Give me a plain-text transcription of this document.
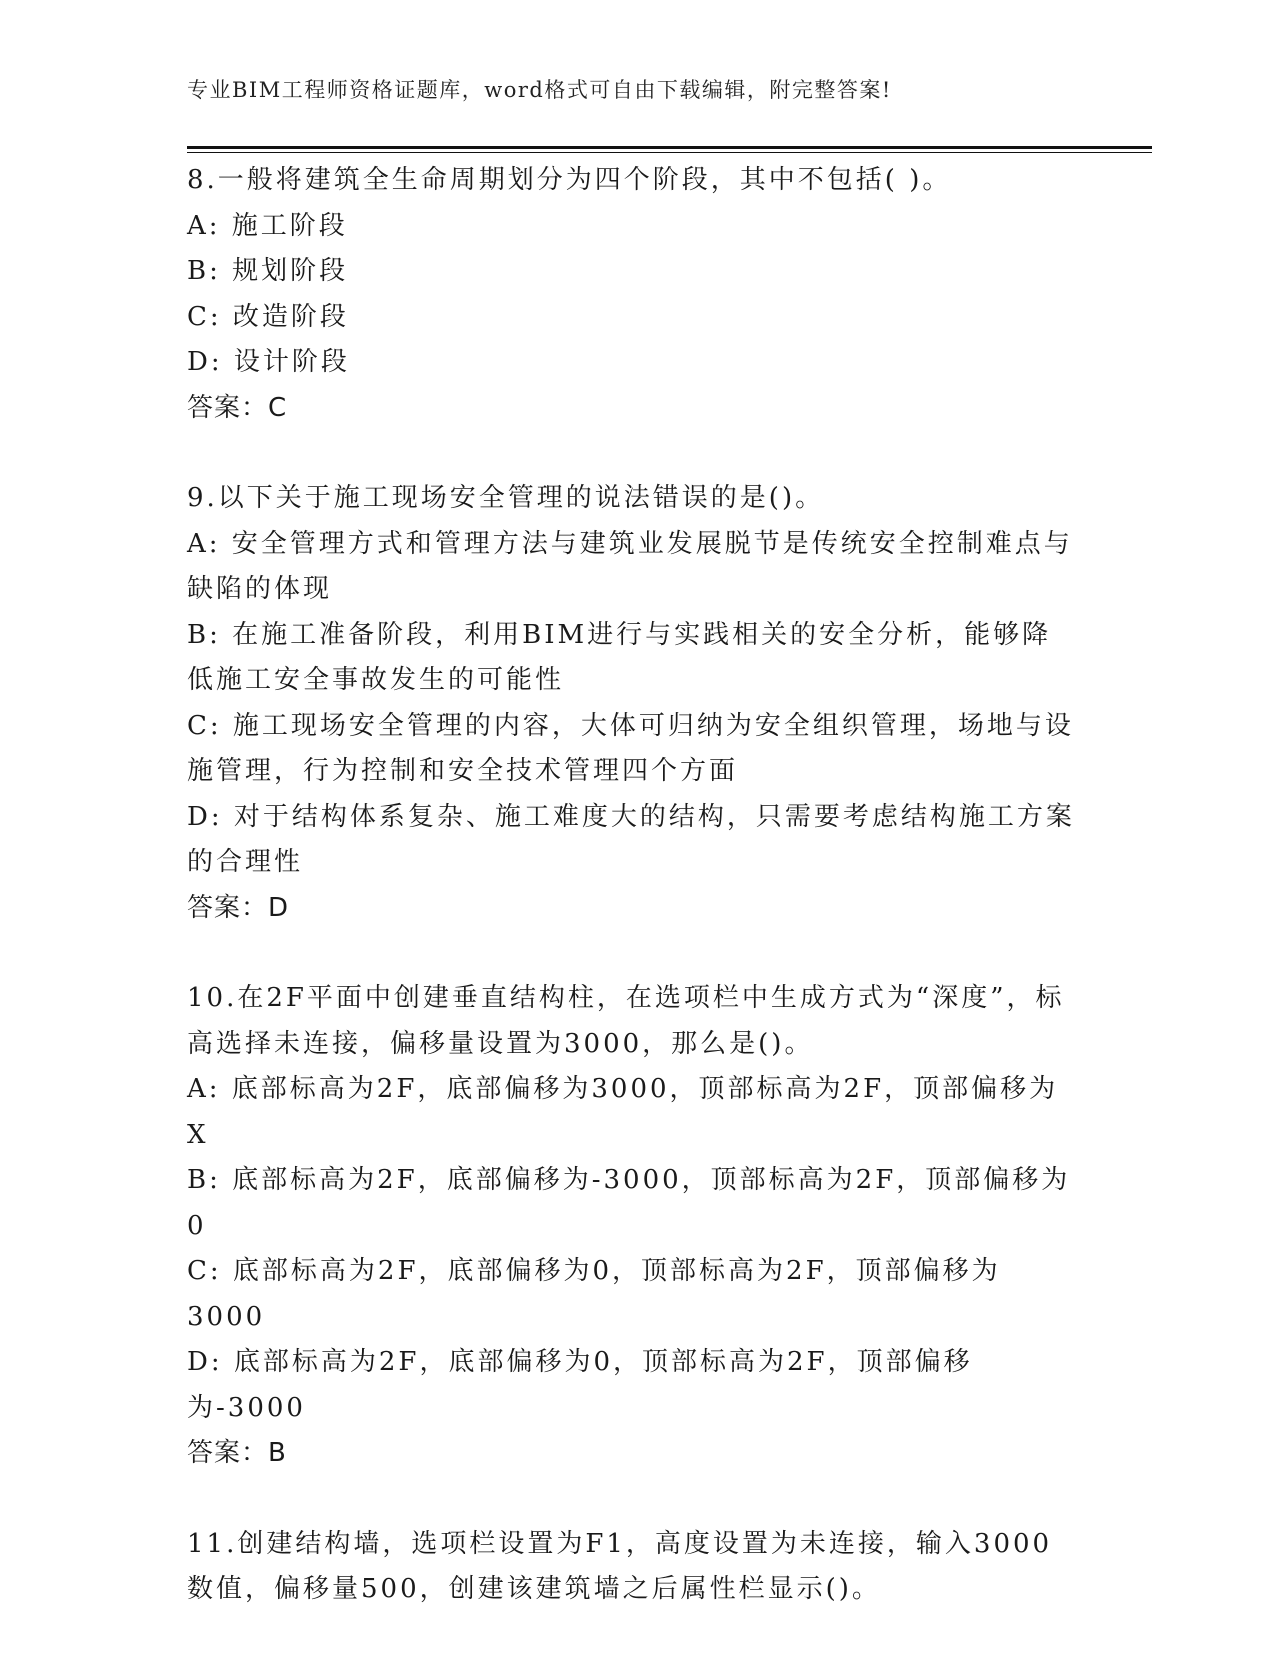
专业BIM工程师资格证题库，word格式可自由下载编辑，附完整答案!
8.一般将建筑全生命周期划分为四个阶段，其中不包括( )。
A: 施工阶段
B: 规划阶段
C: 改造阶段
D: 设计阶段
答案：C
9.以下关于施工现场安全管理的说法错误的是()。
A: 安全管理方式和管理方法与建筑业发展脱节是传统安全控制难点与缺陷的体现
B: 在施工准备阶段，利用BIM进行与实践相关的安全分析，能够降低施工安全事故发生的可能性
C: 施工现场安全管理的内容，大体可归纳为安全组织管理，场地与设施管理，行为控制和安全技术管理四个方面
D: 对于结构体系复杂、施工难度大的结构，只需要考虑结构施工方案的合理性
答案：D
10.在2F平面中创建垂直结构柱，在选项栏中生成方式为“深度”，标高选择未连接，偏移量设置为3000，那么是()。
A: 底部标高为2F，底部偏移为3000，顶部标高为2F，顶部偏移为X
B: 底部标高为2F，底部偏移为-3000，顶部标高为2F，顶部偏移为0
C: 底部标高为2F，底部偏移为0，顶部标高为2F，顶部偏移为3000
D: 底部标高为2F，底部偏移为0，顶部标高为2F，顶部偏移为-3000
答案：B
11.创建结构墙，选项栏设置为F1，高度设置为未连接，输入3000数值，偏移量500，创建该建筑墙之后属性栏显示()。
